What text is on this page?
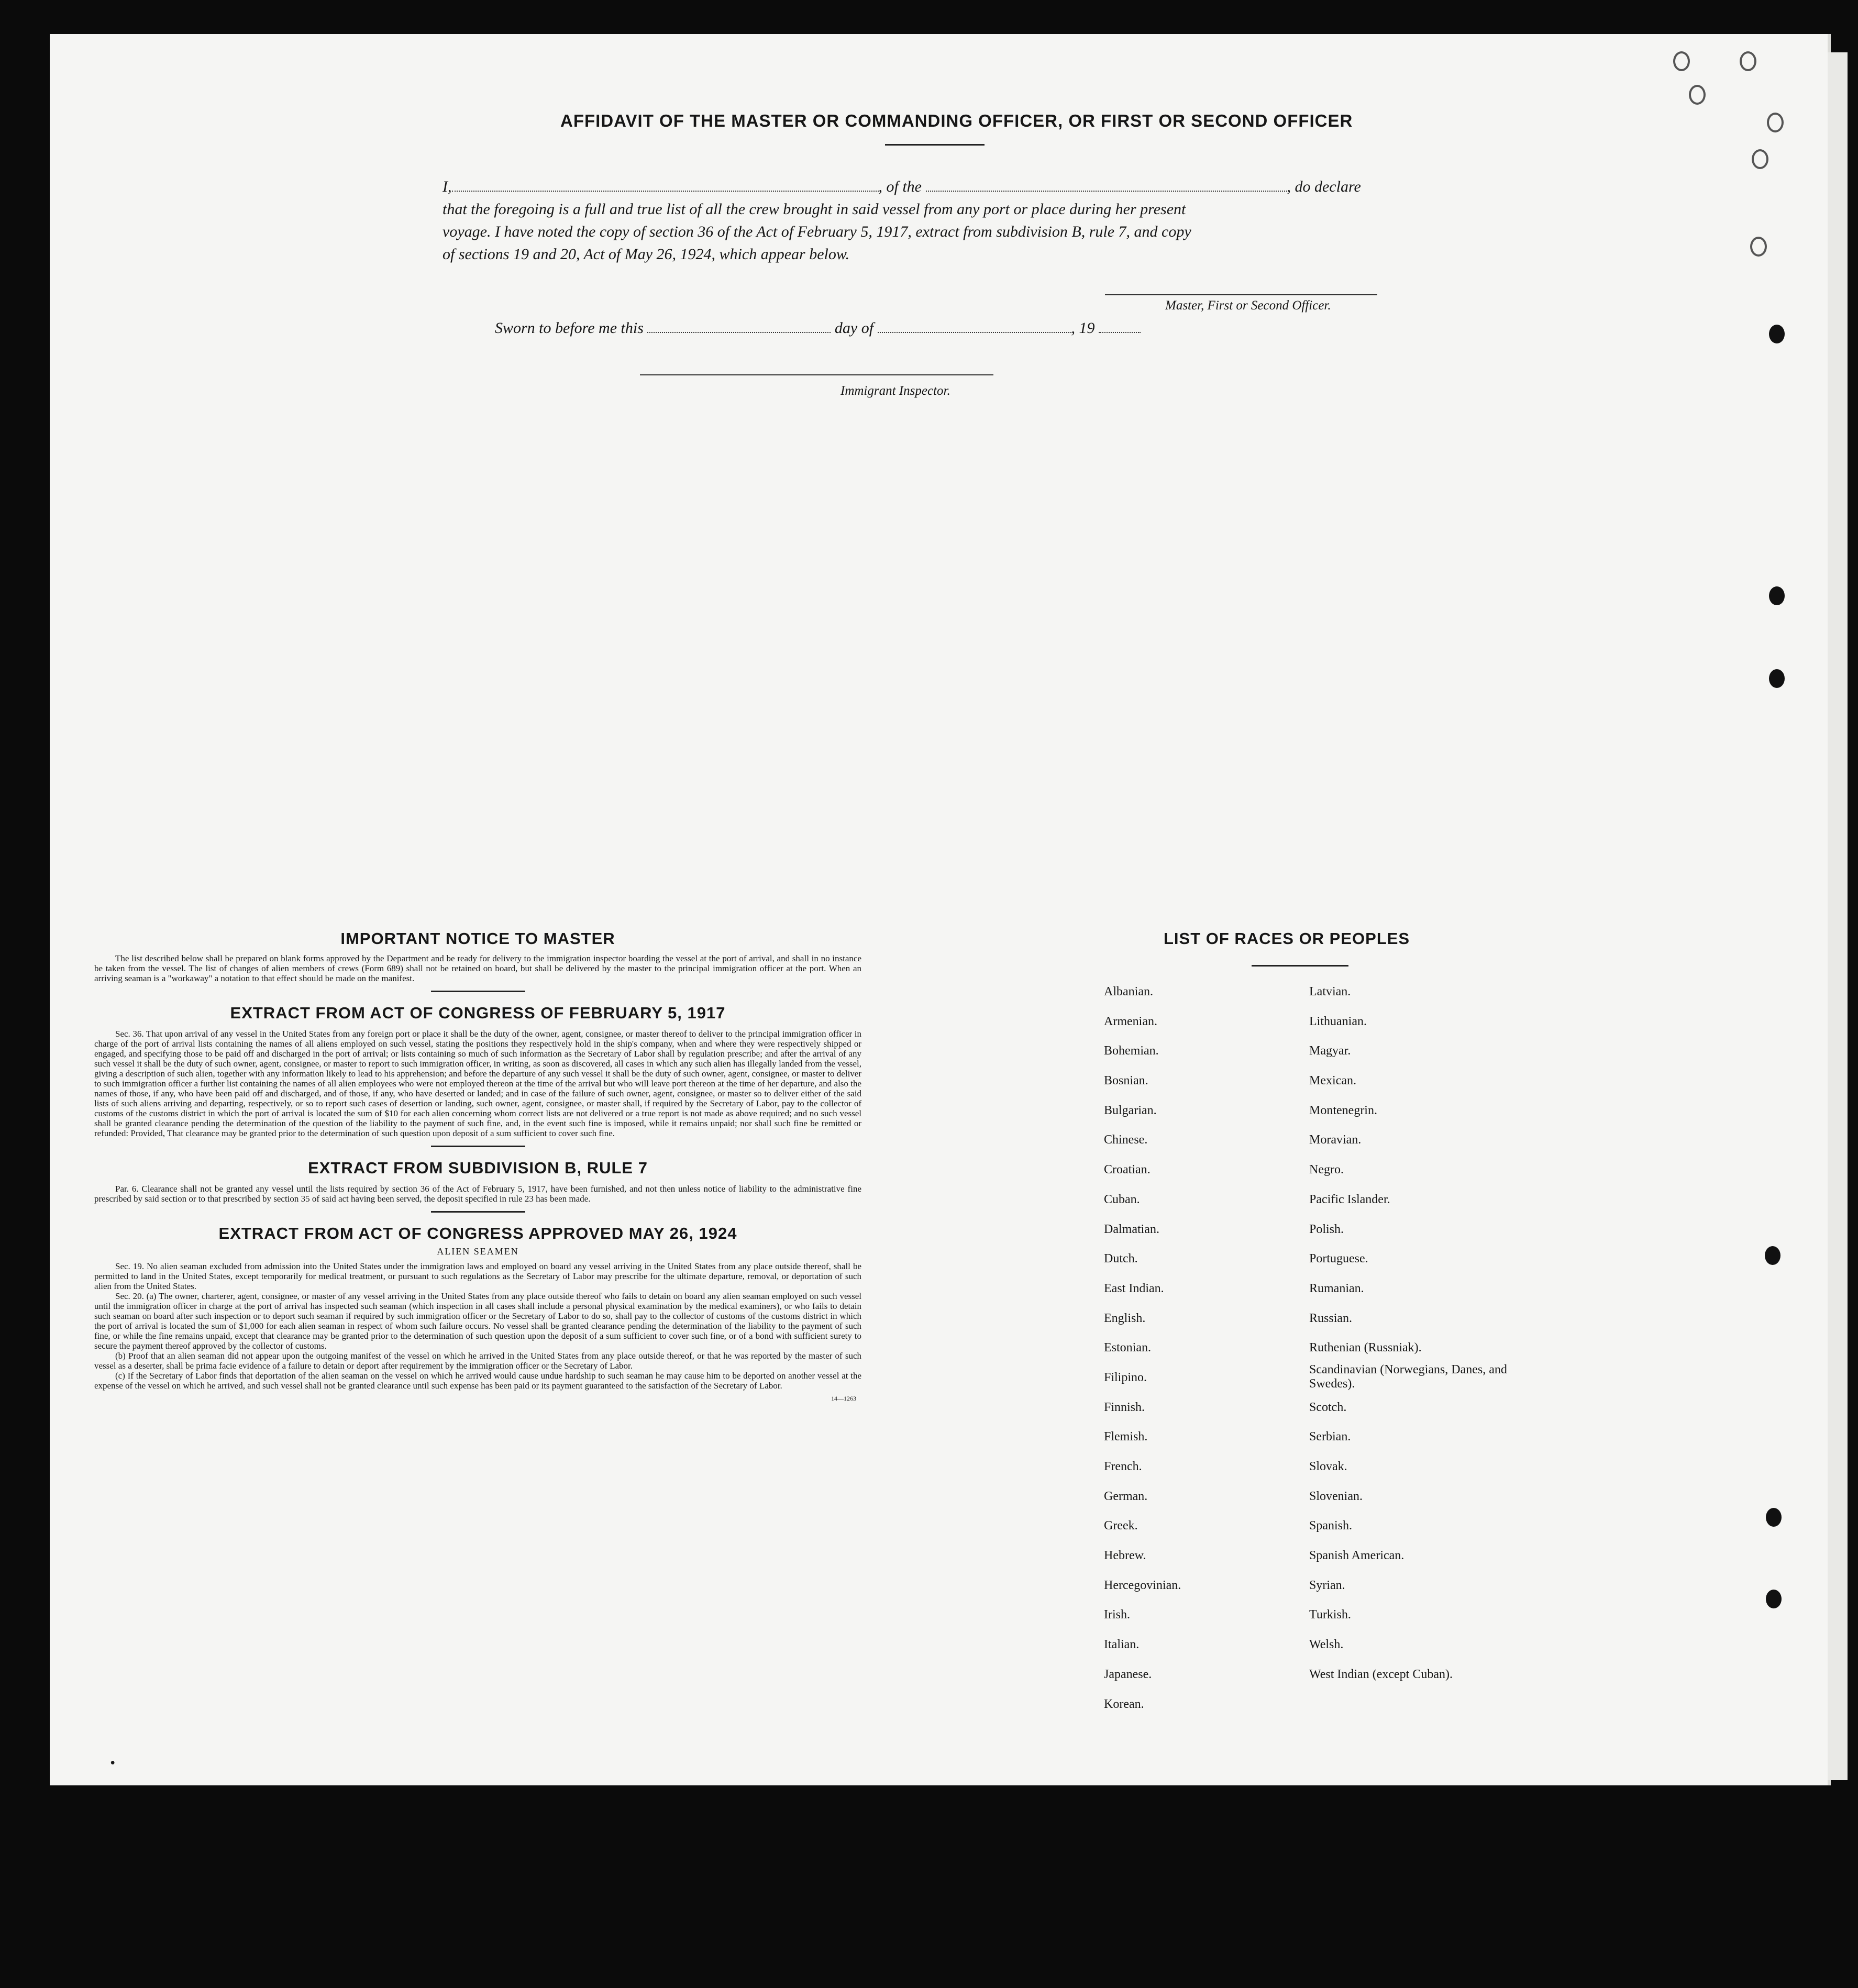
AFFIDAVIT OF THE MASTER OR COMMANDING OFFICER, OR FIRST OR SECOND OFFICER
I,	, of the	, do declare
that the foregoing is a full and true list of all the crew brought in said vessel from any port or place during her present
voyage. I have noted the copy of section 36 of the Act of February 5, 1917, extract from subdivision B, rule 7, and copy
of sections 19 and 20, Act of May 26, 1924, which appear below.
Master, First or Second Officer.
Sworn to before me this	day of	, 19
Immigrant Inspector.
IMPORTANT NOTICE TO MASTER

The list described below shall be prepared on blank forms approved by the Department and be ready for delivery to the immigration inspector boarding the vessel at the port of arrival, and shall in no instance be taken from the vessel. The list of changes of alien members of crews (Form 689) shall not be retained on board, but shall be delivered by the master to the principal immigration officer at the port. When an arriving seaman is a "workaway" a notation to that effect should be made on the manifest.

EXTRACT FROM ACT OF CONGRESS OF FEBRUARY 5, 1917

Sec. 36. That upon arrival of any vessel in the United States from any foreign port or place it shall be the duty of the owner, agent, consignee, or master thereof to deliver to the principal immigration officer in charge of the port of arrival lists containing the names of all aliens employed on such vessel, stating the positions they respectively hold in the ship's company, when and where they were respectively shipped or engaged, and specifying those to be paid off and discharged in the port of arrival; or lists containing so much of such information as the Secretary of Labor shall by regulation prescribe; and after the arrival of any such vessel it shall be the duty of such owner, agent, consignee, or master to report to such immigration officer, in writing, as soon as discovered, all cases in which any such alien has illegally landed from the vessel, giving a description of such alien, together with any information likely to lead to his apprehension; and before the departure of any such vessel it shall be the duty of such owner, agent, consignee, or master to deliver to such immigration officer a further list containing the names of all alien employees who were not employed thereon at the time of the arrival but who will leave port thereon at the time of her departure, and also the names of those, if any, who have been paid off and discharged, and of those, if any, who have deserted or landed; and in case of the failure of such owner, agent, consignee, or master so to deliver either of the said lists of such aliens arriving and departing, respectively, or so to report such cases of desertion or landing, such owner, agent, consignee, or master shall, if required by the Secretary of Labor, pay to the collector of customs of the customs district in which the port of arrival is located the sum of $10 for each alien concerning whom correct lists are not delivered or a true report is not made as above required; and no such vessel shall be granted clearance pending the determination of the question of the liability to the payment of such fine, and, in the event such fine is imposed, while it remains unpaid; nor shall such fine be remitted or refunded: Provided, That clearance may be granted prior to the determination of such question upon deposit of a sum sufficient to cover such fine.

EXTRACT FROM SUBDIVISION B, RULE 7

Par. 6. Clearance shall not be granted any vessel until the lists required by section 36 of the Act of February 5, 1917, have been furnished, and not then unless notice of liability to the administrative fine prescribed by said section or to that prescribed by section 35 of said act having been served, the deposit specified in rule 23 has been made.

EXTRACT FROM ACT OF CONGRESS APPROVED MAY 26, 1924
ALIEN SEAMEN

Sec. 19. No alien seaman excluded from admission into the United States under the immigration laws and employed on board any vessel arriving in the United States from any place outside thereof, shall be permitted to land in the United States, except temporarily for medical treatment, or pursuant to such regulations as the Secretary of Labor may prescribe for the ultimate departure, removal, or deportation of such alien from the United States.

Sec. 20. (a) The owner, charterer, agent, consignee, or master of any vessel arriving in the United States from any place outside thereof who fails to detain on board any alien seaman employed on such vessel until the immigration officer in charge at the port of arrival has inspected such seaman (which inspection in all cases shall include a personal physical examination by the medical examiners), or who fails to detain such seaman on board after such inspection or to deport such seaman if required by such immigration officer or the Secretary of Labor to do so, shall pay to the collector of customs of the customs district in which the port of arrival is located the sum of $1,000 for each alien seaman in respect of whom such failure occurs. No vessel shall be granted clearance pending the determination of the liability to the payment of such fine, or while the fine remains unpaid, except that clearance may be granted prior to the determination of such question upon the deposit of a sum sufficient to cover such fine, or of a bond with sufficient surety to secure the payment thereof approved by the collector of customs.

(b) Proof that an alien seaman did not appear upon the outgoing manifest of the vessel on which he arrived in the United States from any place outside thereof, or that he was reported by the master of such vessel as a deserter, shall be prima facie evidence of a failure to detain or deport after requirement by the immigration officer or the Secretary of Labor.

(c) If the Secretary of Labor finds that deportation of the alien seaman on the vessel on which he arrived would cause undue hardship to such seaman he may cause him to be deported on another vessel at the expense of the vessel on which he arrived, and such vessel shall not be granted clearance until such expense has been paid or its payment guaranteed to the satisfaction of the Secretary of Labor.

14—1263
LIST OF RACES OR PEOPLES
Albanian.
Armenian.
Bohemian.
Bosnian.
Bulgarian.
Chinese.
Croatian.
Cuban.
Dalmatian.
Dutch.
East Indian.
English.
Estonian.
Filipino.
Finnish.
Flemish.
French.
German.
Greek.
Hebrew.
Hercegovinian.
Irish.
Italian.
Japanese.
Korean.
Latvian.
Lithuanian.
Magyar.
Mexican.
Montenegrin.
Moravian.
Negro.
Pacific Islander.
Polish.
Portuguese.
Rumanian.
Russian.
Ruthenian (Russniak).
Scandinavian (Norwegians, Danes, and Swedes).
Scotch.
Serbian.
Slovak.
Slovenian.
Spanish.
Spanish American.
Syrian.
Turkish.
Welsh.
West Indian (except Cuban).
•
